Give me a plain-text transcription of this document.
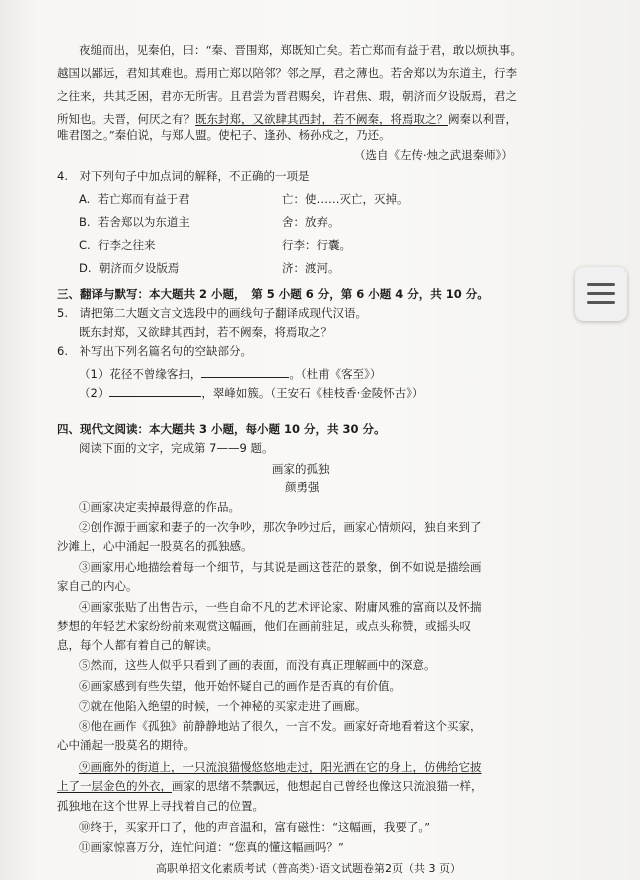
夜缒而出，见秦伯，曰：“秦、晋围郑，郑既知亡矣。若亡郑而有益于君，敢以烦执事。
越国以鄙远，君知其难也。焉用亡郑以陪邻？邻之厚，君之薄也。若舍郑以为东道主，行李
之往来，共其乏困，君亦无所害。且君尝为晋君赐矣，许君焦、瑕，朝济而夕设版焉，君之
所知也。夫晋，何厌之有？既东封郑，又欲肆其西封，若不阙秦，将焉取之？阙秦以利晋，
唯君图之。”秦伯说，与郑人盟。使杞子、逢孙、杨孙戍之，乃还。
（选自《左传·烛之武退秦师》）
4.　对下列句子中加点词的解释，不正确的一项是
A. 若亡郑而有益于君	亡：使……灭亡，灭掉。
B. 若舍郑以为东道主	舍：放弃。
C. 行李之往来	行李：行囊。
D. 朝济而夕设版焉	济：渡河。
三、翻译与默写：本大题共 2 小题，　第 5 小题 6 分，第 6 小题 4 分，共 10 分。
5.　请把第二大题文言文选段中的画线句子翻译成现代汉语。
既东封郑，又欲肆其西封，若不阙秦，将焉取之？
6.　补写出下列名篇名句的空缺部分。
（1）花径不曾缘客扫，	。（杜甫《客至》）
（2）	，翠峰如簇。（王安石《桂枝香·金陵怀古》）
四、现代文阅读：本大题共 3 小题，每小题 10 分，共 30 分。
阅读下面的文字，完成第 7——9 题。
画家的孤独
颜勇强
①画家决定卖掉最得意的作品。
②创作源于画家和妻子的一次争吵，那次争吵过后，画家心情烦闷，独自来到了
沙滩上，心中涌起一股莫名的孤独感。
③画家用心地描绘着每一个细节，与其说是画这苍茫的景象，倒不如说是描绘画
家自己的内心。
④画家张贴了出售告示，一些自命不凡的艺术评论家、附庸风雅的富商以及怀揣
梦想的年轻艺术家纷纷前来观赏这幅画，他们在画前驻足，或点头称赞，或摇头叹
息，每个人都有着自己的解读。
⑤然而，这些人似乎只看到了画的表面，而没有真正理解画中的深意。
⑥画家感到有些失望，他开始怀疑自己的画作是否真的有价值。
⑦就在他陷入绝望的时候，一个神秘的买家走进了画廊。
⑧他在画作《孤独》前静静地站了很久，一言不发。画家好奇地看着这个买家，
心中涌起一股莫名的期待。
⑨画廊外的街道上，一只流浪猫慢悠悠地走过，阳光洒在它的身上，仿佛给它披
上了一层金色的外衣，画家的思绪不禁飘远，他想起自己曾经也像这只流浪猫一样，
孤独地在这个世界上寻找着自己的位置。
⑩终于，买家开口了，他的声音温和，富有磁性：“这幅画，我要了。”
⑪画家惊喜万分，连忙问道：“您真的懂这幅画吗？”
高职单招文化素质考试（普高类）·语文试题卷第2页（共 3 页）
